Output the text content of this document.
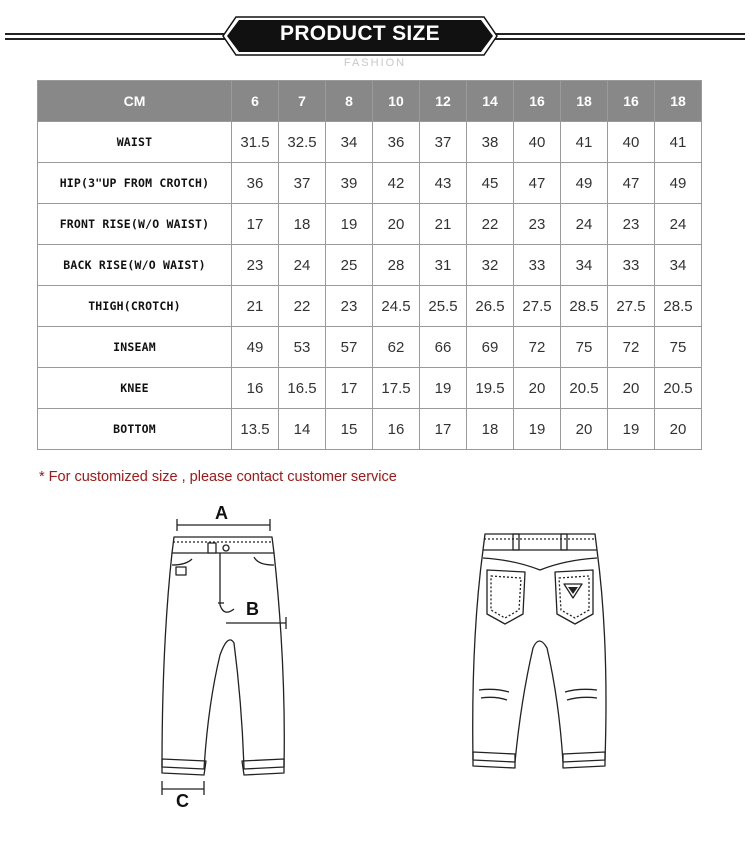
PRODUCT SIZE
FASHION
CM	6	7	8	10	12	14	16	18	16	18
WAIST	31.5	32.5	34	36	37	38	40	41	40	41
HIP(3"UP FROM CROTCH)	36	37	39	42	43	45	47	49	47	49
FRONT RISE(W/O WAIST)	17	18	19	20	21	22	23	24	23	24
BACK RISE(W/O WAIST)	23	24	25	28	31	32	33	34	33	34
THIGH(CROTCH)	21	22	23	24.5	25.5	26.5	27.5	28.5	27.5	28.5
INSEAM	49	53	57	62	66	69	72	75	72	75
KNEE	16	16.5	17	17.5	19	19.5	20	20.5	20	20.5
BOTTOM	13.5	14	15	16	17	18	19	20	19	20
* For customized size , please contact customer service
A
B
C
